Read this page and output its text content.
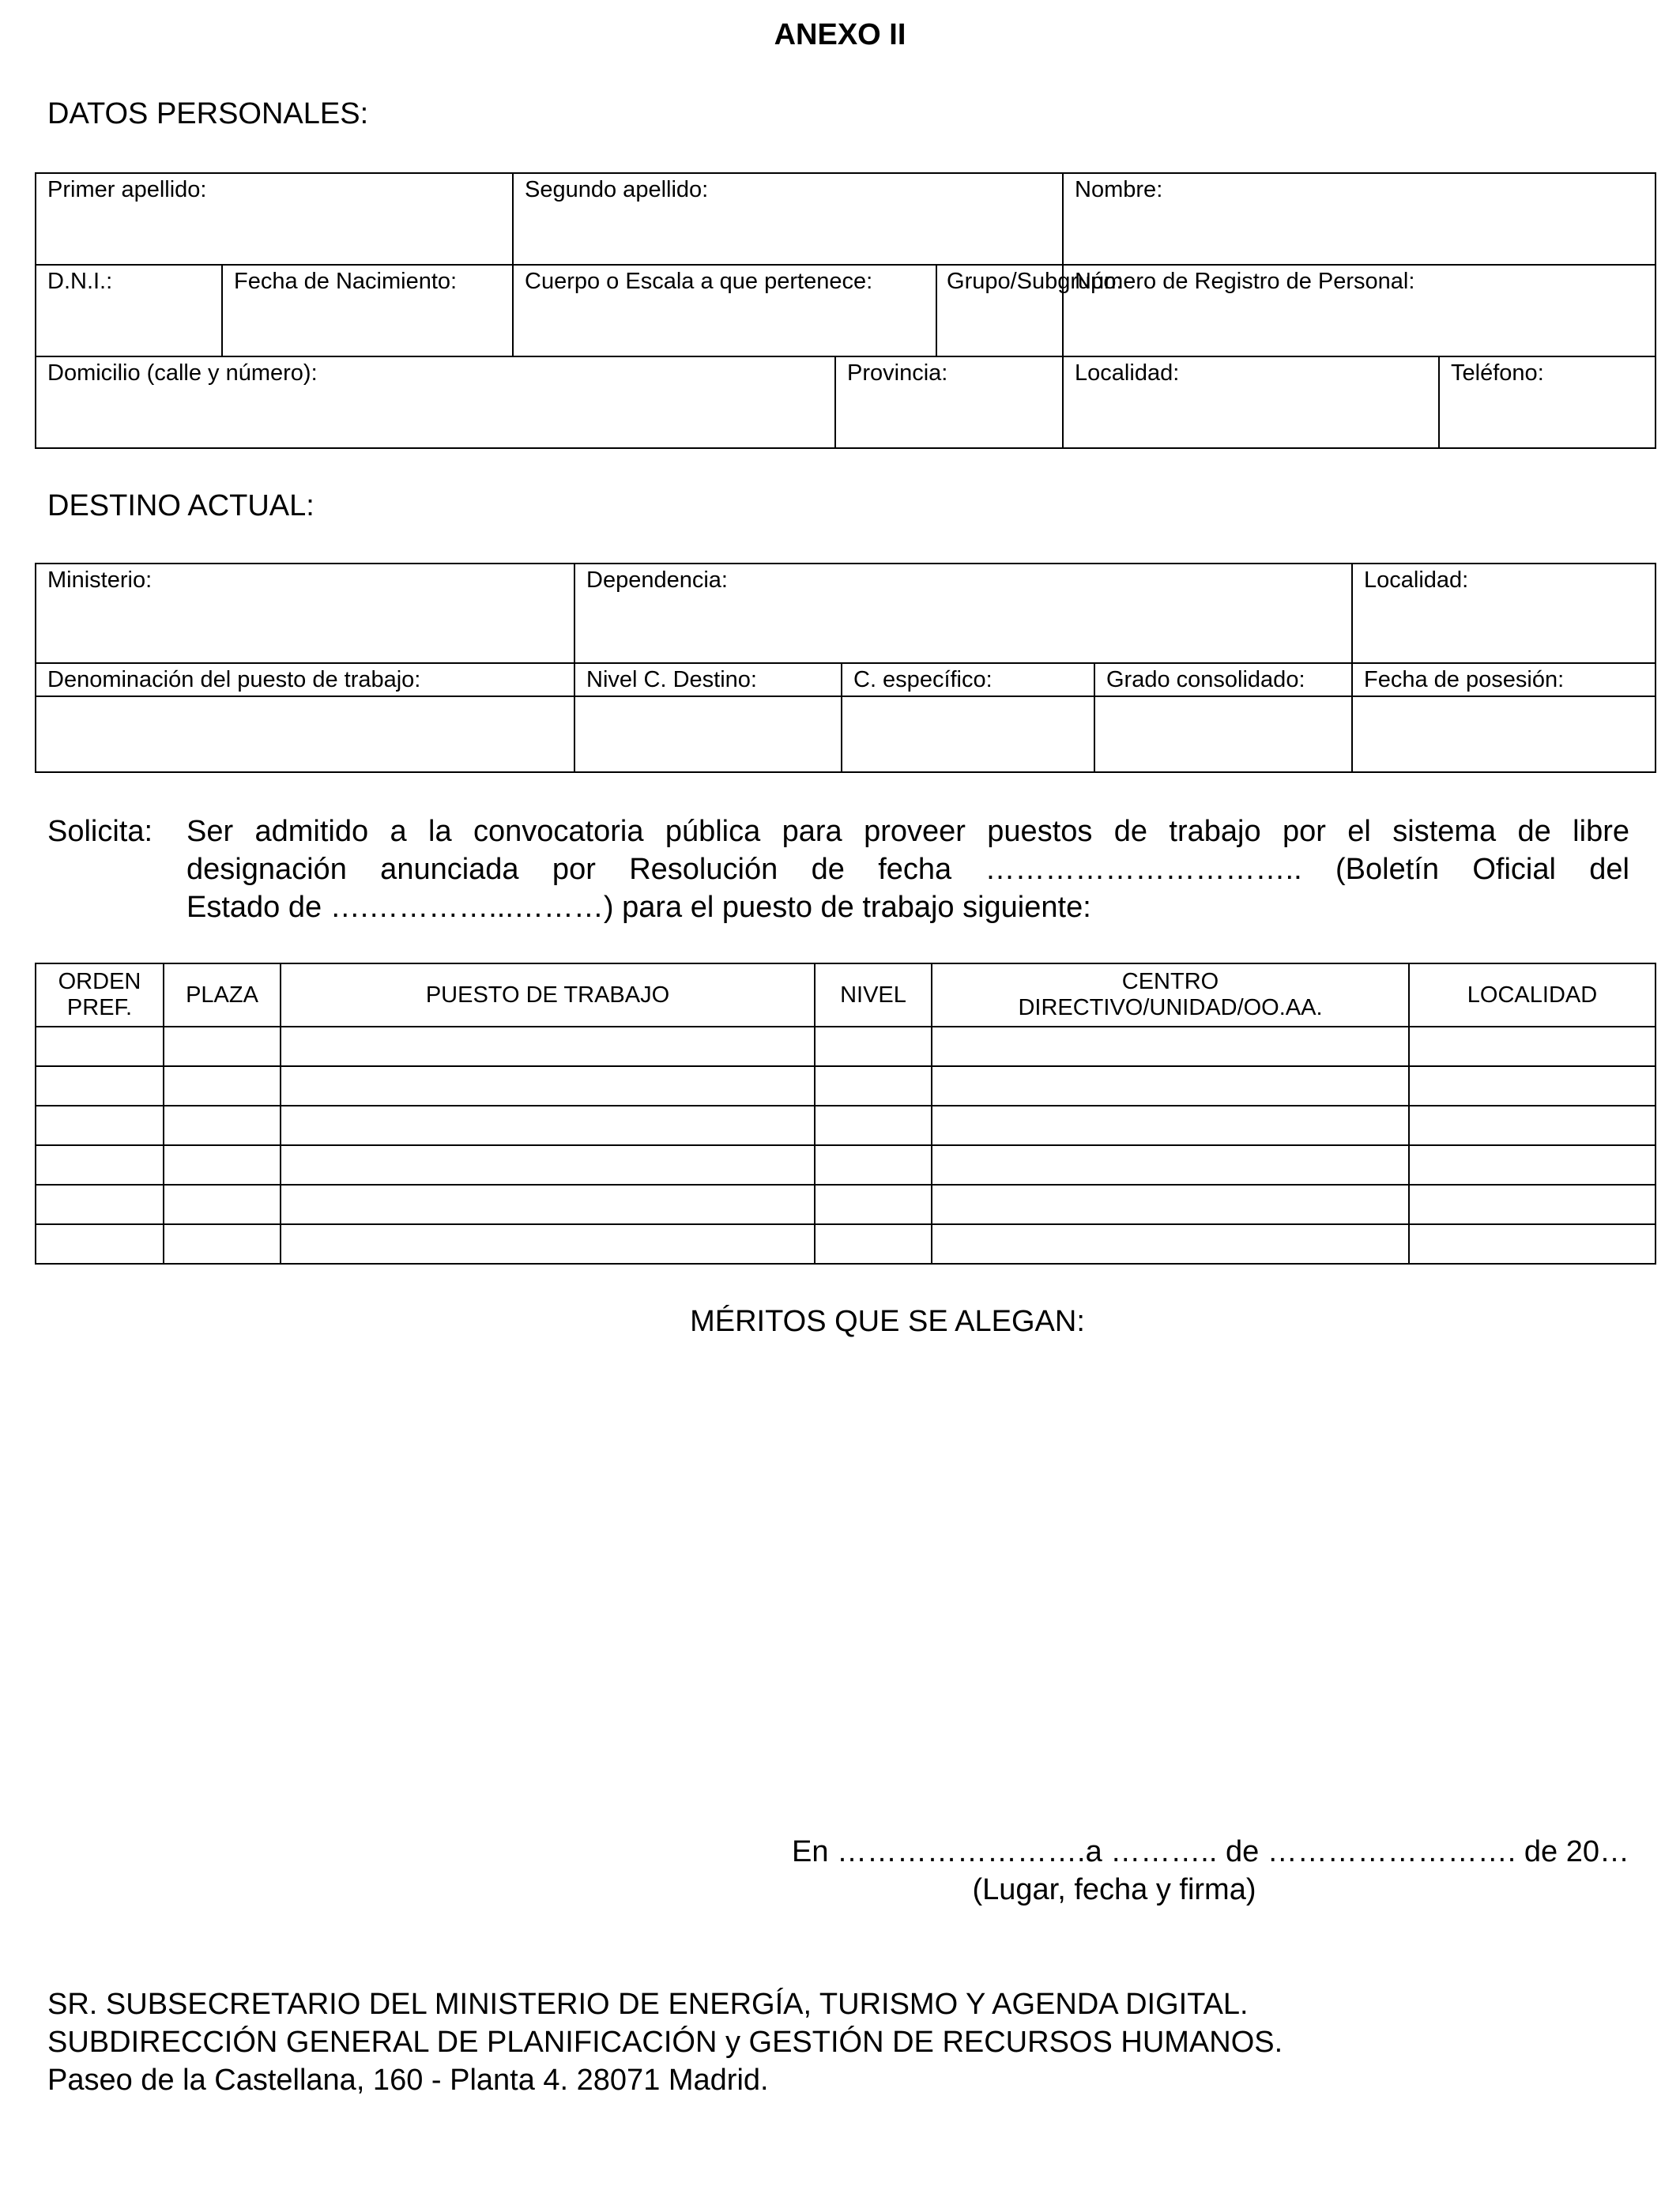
ANEXO II
DATOS PERSONALES:
Primer apellido:		Segundo apellido:			Nombre:	

D.N.I.:	Fecha de Nacimiento:	Cuerpo o Escala a que pertenece:		Grupo/Subgrupo:	Número de Registro de Personal:	

Domicilio (calle y número):			Provincia:		Localidad:	Teléfono:
DESTINO ACTUAL:
Ministerio:	Dependencia:			Localidad:

Denominación del puesto de trabajo:	Nivel C. Destino:	C. específico:	Grado consolidado:	Fecha de posesión:

Solicita: Ser admitido a la convocatoria pública para proveer puestos de trabajo por el sistema de libre
designación anunciada por Resolución de fecha ………………………….. (Boletín Oficial del
Estado de ….…………...………) para el puesto de trabajo siguiente:
ORDEN PREF.	PLAZA	PUESTO DE TRABAJO	NIVEL	CENTRO DIRECTIVO/UNIDAD/OO.AA.	LOCALIDAD

MÉRITOS QUE SE ALEGAN:
En …………………….a ……….. de ……………………. de 20…
(Lugar, fecha y firma)
SR. SUBSECRETARIO DEL MINISTERIO DE ENERGÍA, TURISMO Y AGENDA DIGITAL.
SUBDIRECCIÓN GENERAL DE PLANIFICACIÓN y GESTIÓN DE RECURSOS HUMANOS.
Paseo de la Castellana, 160 - Planta 4. 28071 Madrid.
